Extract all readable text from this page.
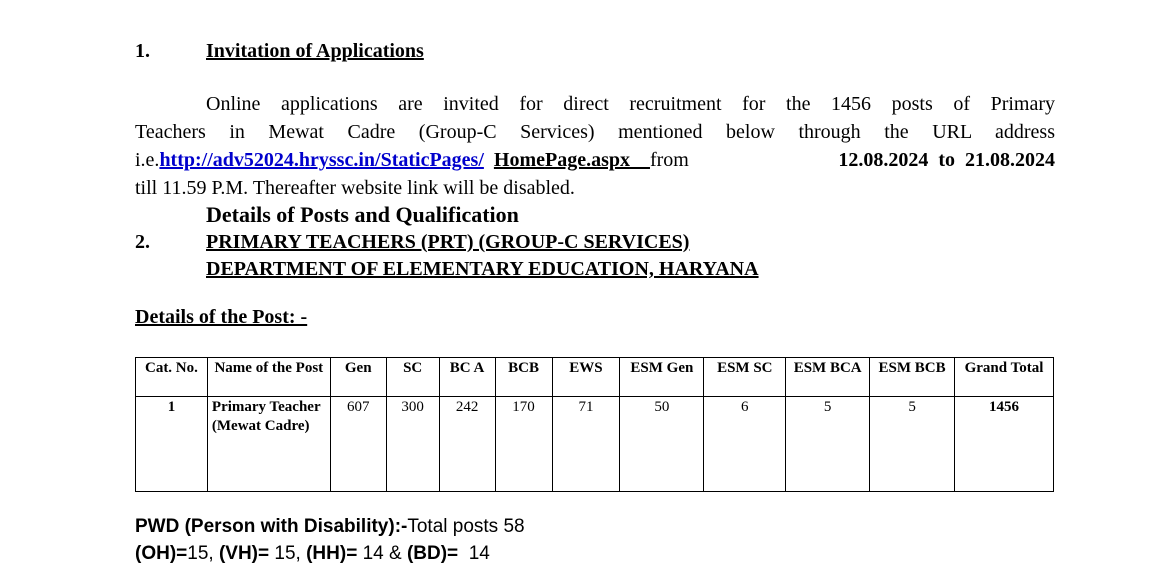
1.	Invitation of Applications
Online applications are invited for direct recruitment for the 1456 posts of Primary
Teachers in Mewat Cadre (Group-C Services) mentioned below through the URL address
i.e.http://adv52024.hryssc.in/StaticPages/ HomePage.aspx from	12.08.2024 to 21.08.2024
till 11.59 P.M. Thereafter website link will be disabled.
Details of Posts and Qualification
2.	PRIMARY TEACHERS (PRT) (GROUP-C SERVICES)
DEPARTMENT OF ELEMENTARY EDUCATION, HARYANA
Details of the Post: -
Cat. No.	Name of the Post	Gen	SC	BC A	BCB	EWS	ESM Gen	ESM SC	ESM BCA	ESM BCB	Grand Total
1	Primary Teacher (Mewat Cadre)	607	300	242	170	71	50	6	5	5	1456
PWD (Person with Disability):-Total posts 58
(OH)=15, (VH)= 15, (HH)= 14 & (BD)= 14
